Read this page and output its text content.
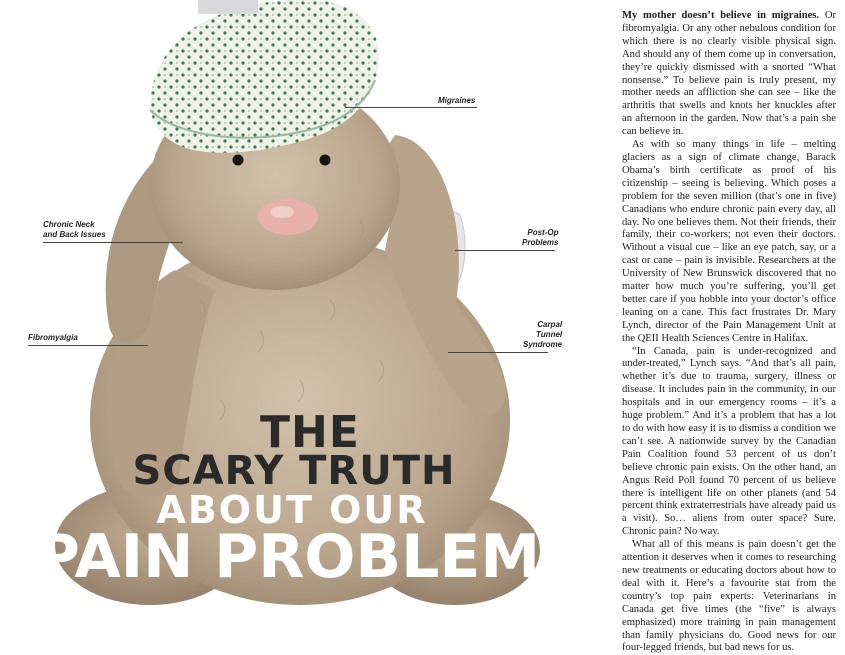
Migraines
Chronic Neck
and Back Issues	Post-Op
Problems
Fibromyalgia
Carpal
Tunnel
Syndrome
THE
SCARY TRUTH
ABOUT OUR
PAIN PROBLEM

My mother doesn’t believe in migraines. Or fibromyalgia. Or any other nebulous condition for which there is no clearly visible physical sign. And should any of them come up in conversation, they’re quickly dismissed with a snorted “What nonsense.” To believe pain is truly present, my mother needs an affliction she can see – like the arthritis that swells and knots her knuckles after an afternoon in the garden. Now that’s a pain she can believe in.

As with so many things in life – melting glaciers as a sign of climate change, Barack Obama’s birth certificate as proof of his citizenship – seeing is believing. Which poses a problem for the seven million (that’s one in five) Canadians who endure chronic pain every day, all day. No one believes them. Not their friends, their family, their co-workers; not even their doctors. Without a visual cue – like an eye patch, say, or a cast or cane – pain is invisible. Researchers at the University of New Brunswick discovered that no matter how much you’re suffering, you’ll get better care if you hobble into your doctor’s office leaning on a cane. This fact frustrates Dr. Mary Lynch, director of the Pain Management Unit at the QEII Health Sciences Centre in Halifax.

“In Canada, pain is under-recognized and under-treated,” Lynch says. “And that’s all pain, whether it’s due to trauma, surgery, illness or disease. It includes pain in the community, in our hospitals and in our emergency rooms – it’s a huge problem.” And it’s a problem that has a lot to do with how easy it is to dismiss a condition we can’t see. A nationwide survey by the Canadian Pain Coalition found 53 percent of us don’t believe chronic pain exists. On the other hand, an Angus Reid Poll found 70 percent of us believe there is intelligent life on other planets (and 54 percent think extraterrestrials have already paid us a visit). So… aliens from outer space? Sure. Chronic pain? No way.

What all of this means is pain doesn’t get the attention it deserves when it comes to researching new treatments or educating doctors about how to deal with it. Here’s a favourite stat from the country’s top pain experts: Veterinarians in Canada get five times (the “five” is always emphasized) more training in pain management than family physicians do. Good news for our four-legged friends, but bad news for us.
